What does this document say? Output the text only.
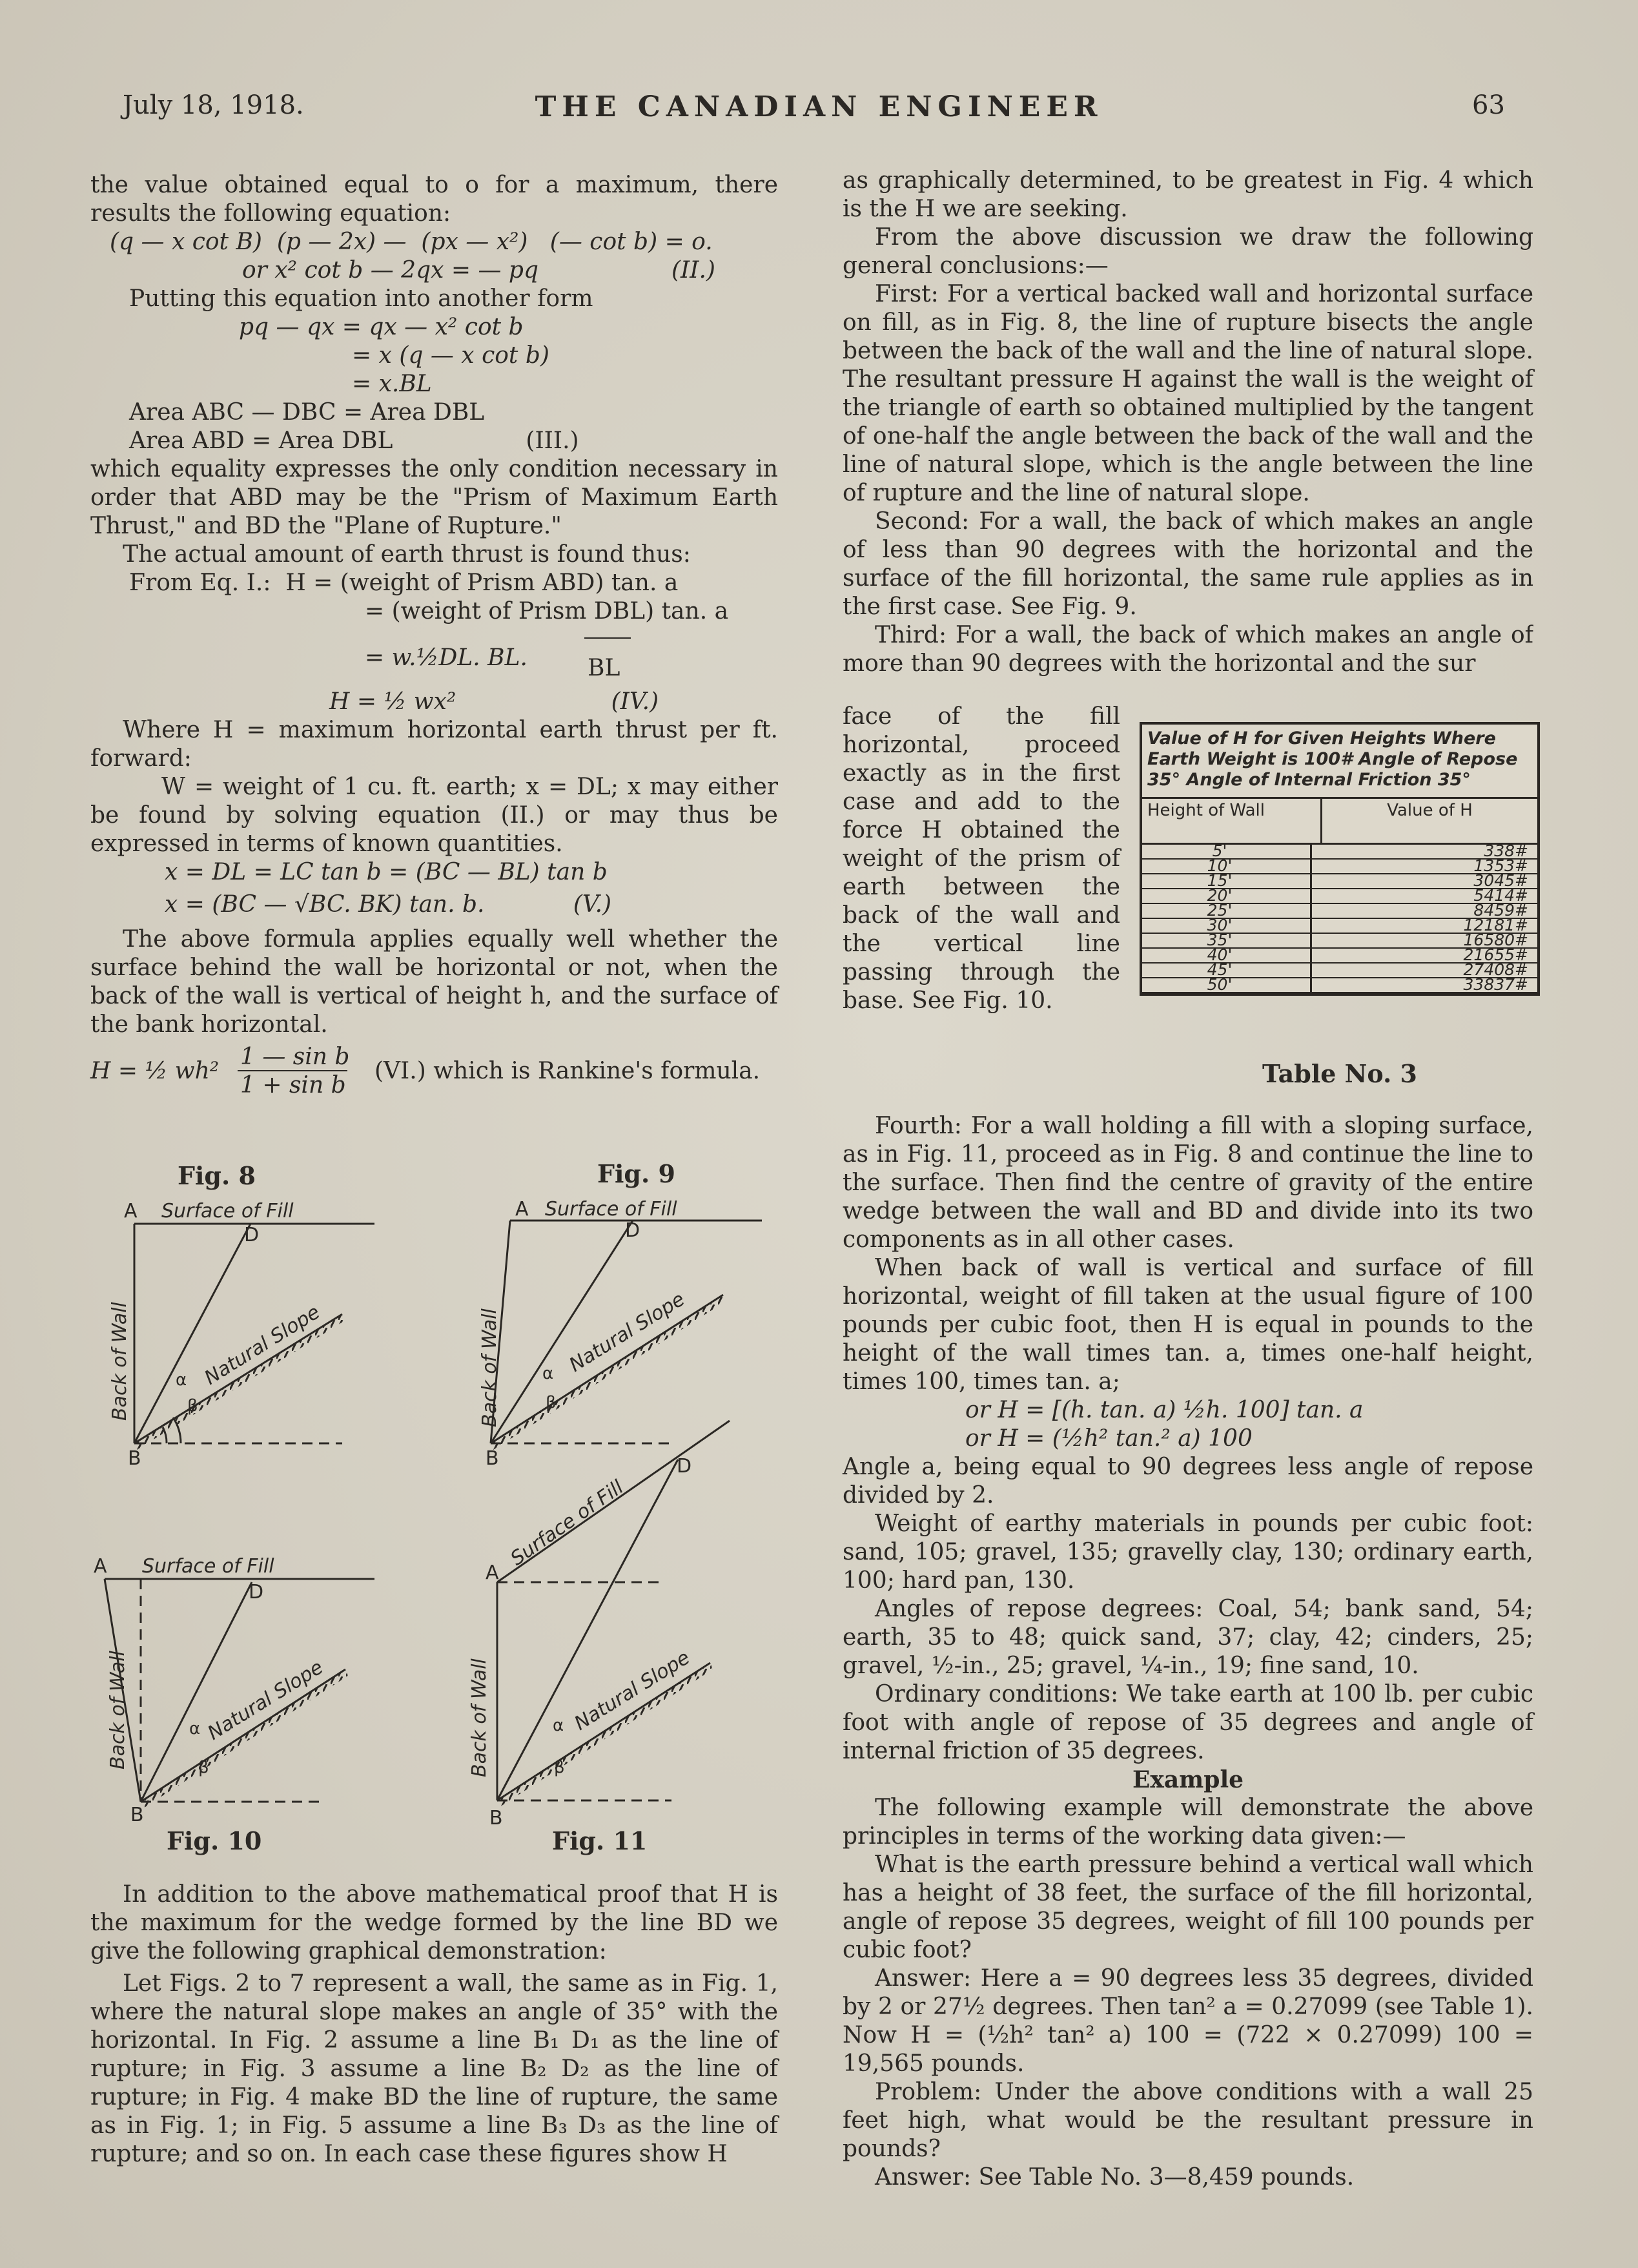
July 18, 1918.	THE CANADIAN ENGINEER	63

the value obtained equal to o for a maximum, there results the following equation:

(q — x cot B)  (p — 2x) —  (px — x²)   (— cot b) = o.

or x² cot b — 2qx = — pq                  (II.)

Putting this equation into another form

pq — qx = qx — x² cot b

= x (q — x cot b)

= x.BL

Area ABC — DBC = Area DBL

Area ABD = Area DBL                  (III.)

which equality expresses the only condition necessary in order that ABD may be the "Prism of Maximum Earth Thrust," and BD the "Plane of Rupture."

The actual amount of earth thrust is found thus:

From Eq. I.:  H = (weight of Prism ABD) tan. a

= (weight of Prism DBL) tan. a

= w.½DL. BL.	BL

H = ½ wx²                     (IV.)

Where H = maximum horizontal earth thrust per ft. forward:

W = weight of 1 cu. ft. earth; x = DL; x may either be found by solving equation (II.) or may thus be expressed in terms of known quantities.

x = DL = LC tan b = (BC — BL) tan b

x = (BC — √BC. BK) tan. b.            (V.)

The above formula applies equally well whether the surface behind the wall be horizontal or not, when the back of the wall is vertical of height h, and the surface of the bank horizontal.

H = ½ wh²
1 — sin b
1 + sin b
(VI.) which is Rankine's formula.
Fig. 8	Fig. 9
Fig. 10	Fig. 11
A Surface of Fill
D
B
Back of Wall	Natural Slope
α
β
A Surface of Fill
D
B
Back of Wall	Natural Slope
α
β
A Surface of Fill
D
B
Back of Wall	Natural Slope
α
β
A
Surface of Fill
D
B
Back of Wall	Natural Slope
α
β

In addition to the above mathematical proof that H is the maximum for the wedge formed by the line BD we give the following graphical demonstration:

Let Figs. 2 to 7 represent a wall, the same as in Fig. 1, where the natural slope makes an angle of 35° with the horizontal. In Fig. 2 assume a line B₁ D₁ as the line of rupture; in Fig. 3 assume a line B₂ D₂ as the line of rupture; in Fig. 4 make BD the line of rupture, the same as in Fig. 1; in Fig. 5 assume a line B₃ D₃ as the line of rupture; and so on. In each case these figures show H

as graphically determined, to be greatest in Fig. 4 which is the H we are seeking.

From the above discussion we draw the following general conclusions:—

First: For a vertical backed wall and horizontal surface on fill, as in Fig. 8, the line of rupture bisects the angle between the back of the wall and the line of natural slope. The resultant pressure H against the wall is the weight of the triangle of earth so obtained multiplied by the tangent of one-half the angle between the back of the wall and the line of natural slope, which is the angle between the line of rupture and the line of natural slope.

Second: For a wall, the back of which makes an angle of less than 90 degrees with the horizontal and the surface of the fill horizontal, the same rule applies as in the first case. See Fig. 9.

Third: For a wall, the back of which makes an angle of more than 90 degrees with the horizontal and the sur

face of the fill horizontal, proceed exactly as in the first case and add to the force H obtained the weight of the prism of earth between the back of the wall and the vertical line passing through the base. See Fig. 10.

Value of H for Given Heights Where Earth Weight is 100# Angle of Repose 35° Angle of Internal Friction 35°
Height of Wall	Value of H
5'	338#
10'	1353#
15'	3045#
20'	5414#
25'	8459#
30'	12181#
35'	16580#
40'	21655#
45'	27408#
50'	33837#
Table No. 3

Fourth: For a wall holding a fill with a sloping surface, as in Fig. 11, proceed as in Fig. 8 and continue the line to the surface. Then find the centre of gravity of the entire wedge between the wall and BD and divide into its two components as in all other cases.

When back of wall is vertical and surface of fill horizontal, weight of fill taken at the usual figure of 100 pounds per cubic foot, then H is equal in pounds to the height of the wall times tan. a, times one-half height, times 100, times tan. a;

or H = [(h. tan. a) ½h. 100] tan. a

or H = (½h² tan.² a) 100

Angle a, being equal to 90 degrees less angle of repose divided by 2.

Weight of earthy materials in pounds per cubic foot: sand, 105; gravel, 135; gravelly clay, 130; ordinary earth, 100; hard pan, 130.

Angles of repose degrees: Coal, 54; bank sand, 54; earth, 35 to 48; quick sand, 37; clay, 42; cinders, 25; gravel, ½-in., 25; gravel, ¼-in., 19; fine sand, 10.

Ordinary conditions: We take earth at 100 lb. per cubic foot with angle of repose of 35 degrees and angle of internal friction of 35 degrees.

Example

The following example will demonstrate the above principles in terms of the working data given:—

What is the earth pressure behind a vertical wall which has a height of 38 feet, the surface of the fill horizontal, angle of repose 35 degrees, weight of fill 100 pounds per cubic foot?

Answer: Here a = 90 degrees less 35 degrees, divided by 2 or 27½ degrees. Then tan² a = 0.27099 (see Table 1). Now H = (½h² tan² a) 100 = (722 × 0.27099) 100 = 19,565 pounds.

Problem: Under the above conditions with a wall 25 feet high, what would be the resultant pressure in pounds?

Answer: See Table No. 3—8,459 pounds.
